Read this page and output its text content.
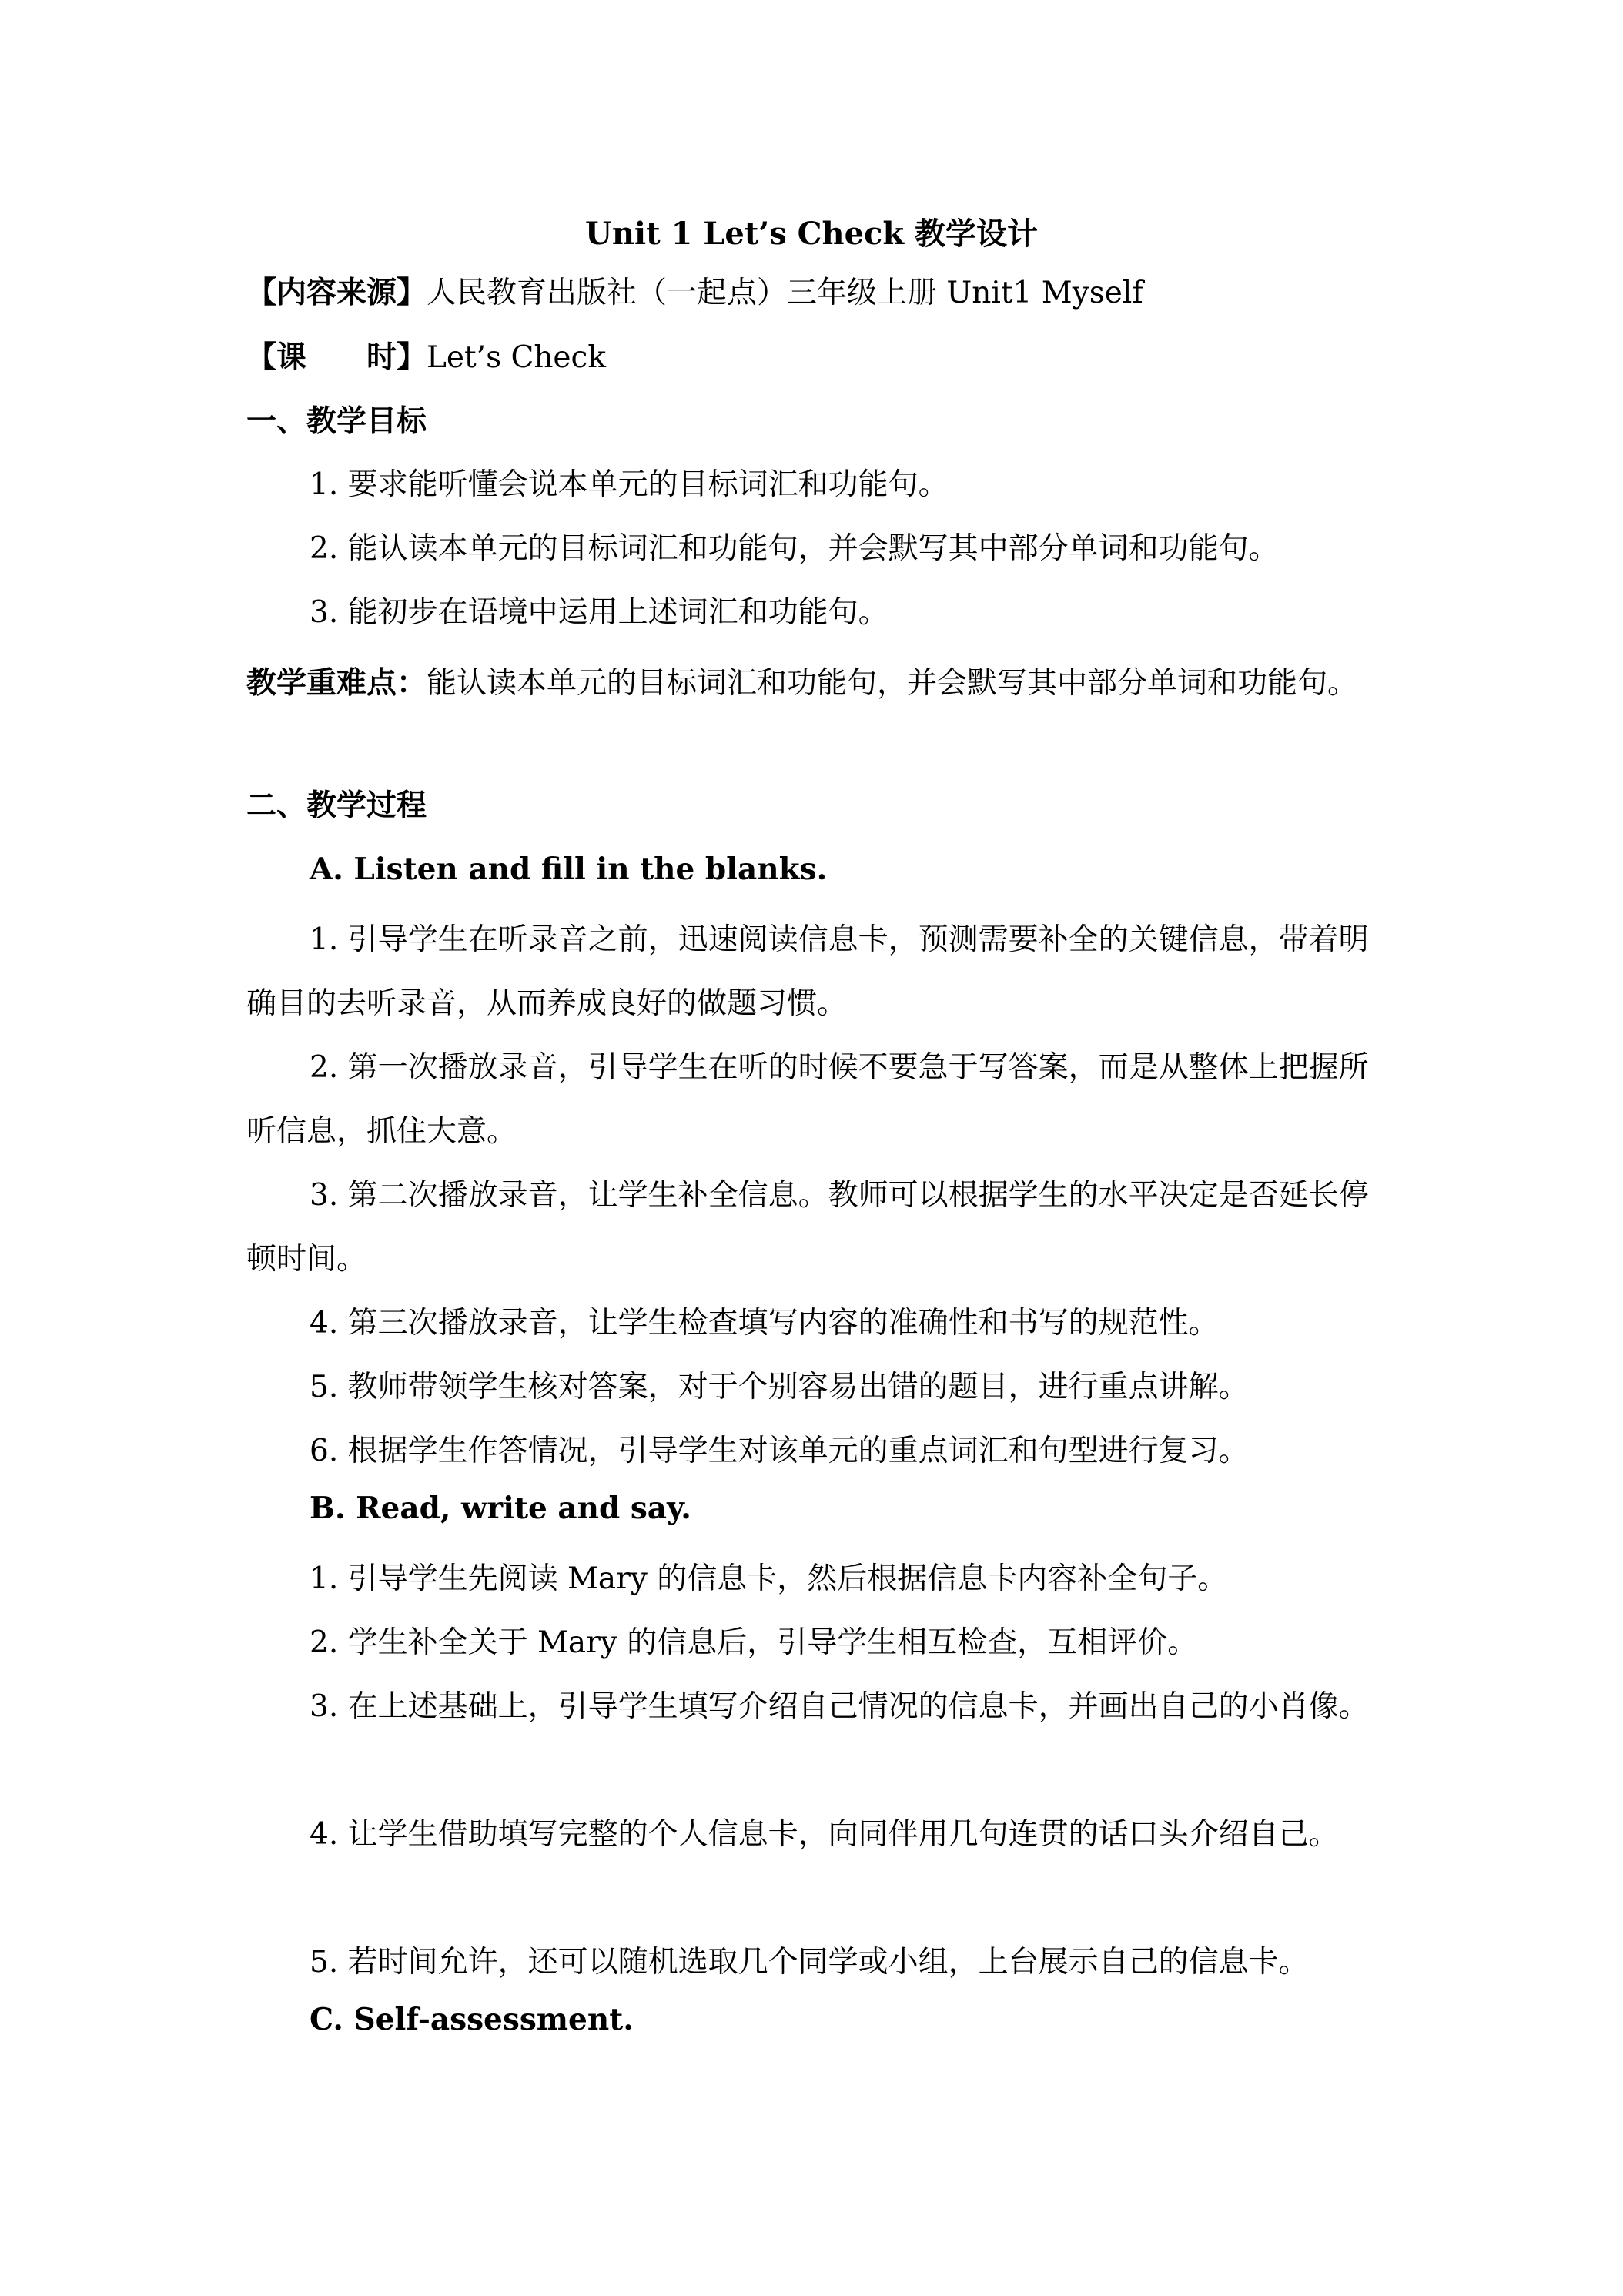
Unit 1 Let’s Check 教学设计
【内容来源】人民教育出版社（一起点）三年级上册 Unit1 Myself
【课　　时】Let’s Check
一、教学目标
1. 要求能听懂会说本单元的目标词汇和功能句。
2. 能认读本单元的目标词汇和功能句，并会默写其中部分单词和功能句。
3. 能初步在语境中运用上述词汇和功能句。
教学重难点：能认读本单元的目标词汇和功能句，并会默写其中部分单词和功能句。
二、教学过程
A. Listen and fill in the blanks.
1. 引导学生在听录音之前，迅速阅读信息卡，预测需要补全的关键信息，带着明确目的去听录音，从而养成良好的做题习惯。
2. 第一次播放录音，引导学生在听的时候不要急于写答案，而是从整体上把握所听信息，抓住大意。
3. 第二次播放录音，让学生补全信息。教师可以根据学生的水平决定是否延长停顿时间。
4. 第三次播放录音，让学生检查填写内容的准确性和书写的规范性。
5. 教师带领学生核对答案，对于个别容易出错的题目，进行重点讲解。
6. 根据学生作答情况，引导学生对该单元的重点词汇和句型进行复习。
B. Read, write and say.
1. 引导学生先阅读 Mary 的信息卡，然后根据信息卡内容补全句子。
2. 学生补全关于 Mary 的信息后，引导学生相互检查，互相评价。
3. 在上述基础上，引导学生填写介绍自己情况的信息卡，并画出自己的小肖像。
4. 让学生借助填写完整的个人信息卡，向同伴用几句连贯的话口头介绍自己。
5. 若时间允许，还可以随机选取几个同学或小组，上台展示自己的信息卡。
C. Self-assessment.
